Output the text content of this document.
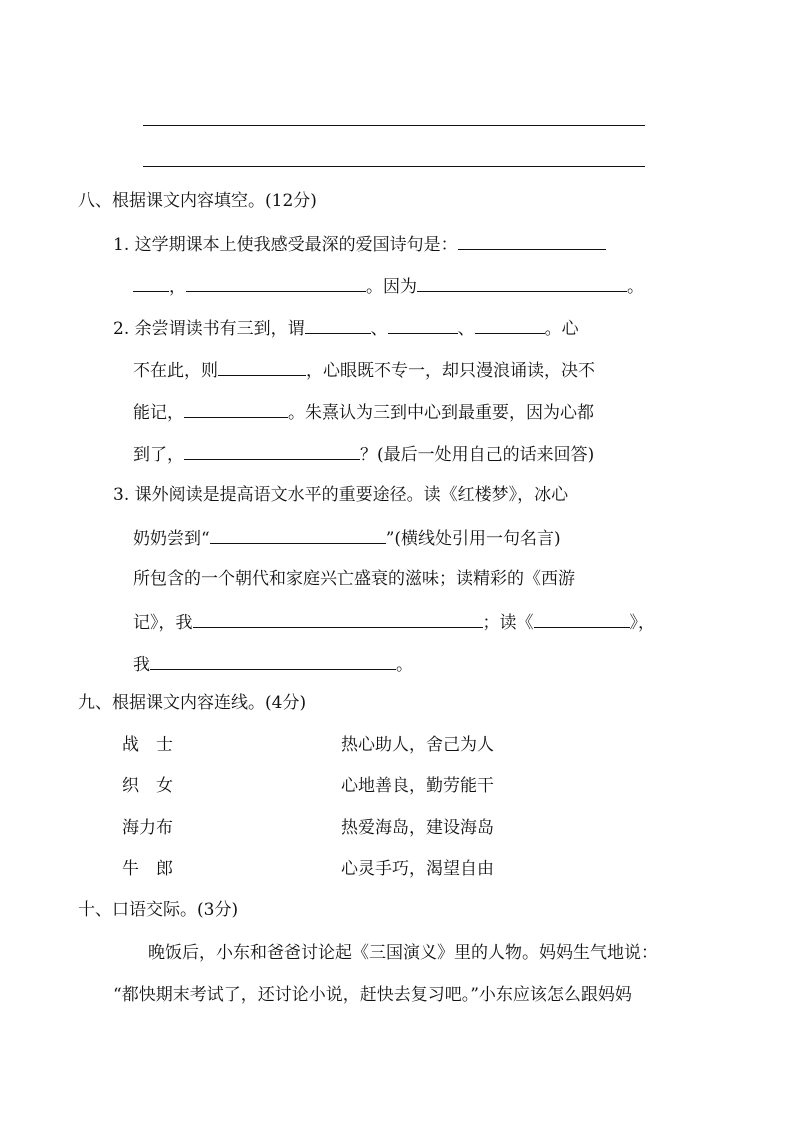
八、根据课文内容填空。(12分)
1. 这学期课本上使我感受最深的爱国诗句是：
，	。因为	。
2. 余尝谓读书有三到，谓	、	、	。心
不在此，则	，心眼既不专一，却只漫浪诵读，决不
能记，	。朱熹认为三到中心到最重要，因为心都
到了，	？(最后一处用自己的话来回答)
3. 课外阅读是提高语文水平的重要途径。读《红楼梦》，冰心
奶奶尝到“	”(横线处引用一句名言)
所包含的一个朝代和家庭兴亡盛衰的滋味；读精彩的《西游
记》，我	；读《	》，
我	。
九、根据课文内容连线。(4分)
战　士	热心助人，舍己为人
织　女	心地善良，勤劳能干
海力布	热爱海岛，建设海岛
牛　郎	心灵手巧，渴望自由
十、口语交际。(3分)
晚饭后，小东和爸爸讨论起《三国演义》里的人物。妈妈生气地说：
“都快期末考试了，还讨论小说，赶快去复习吧。”小东应该怎么跟妈妈
